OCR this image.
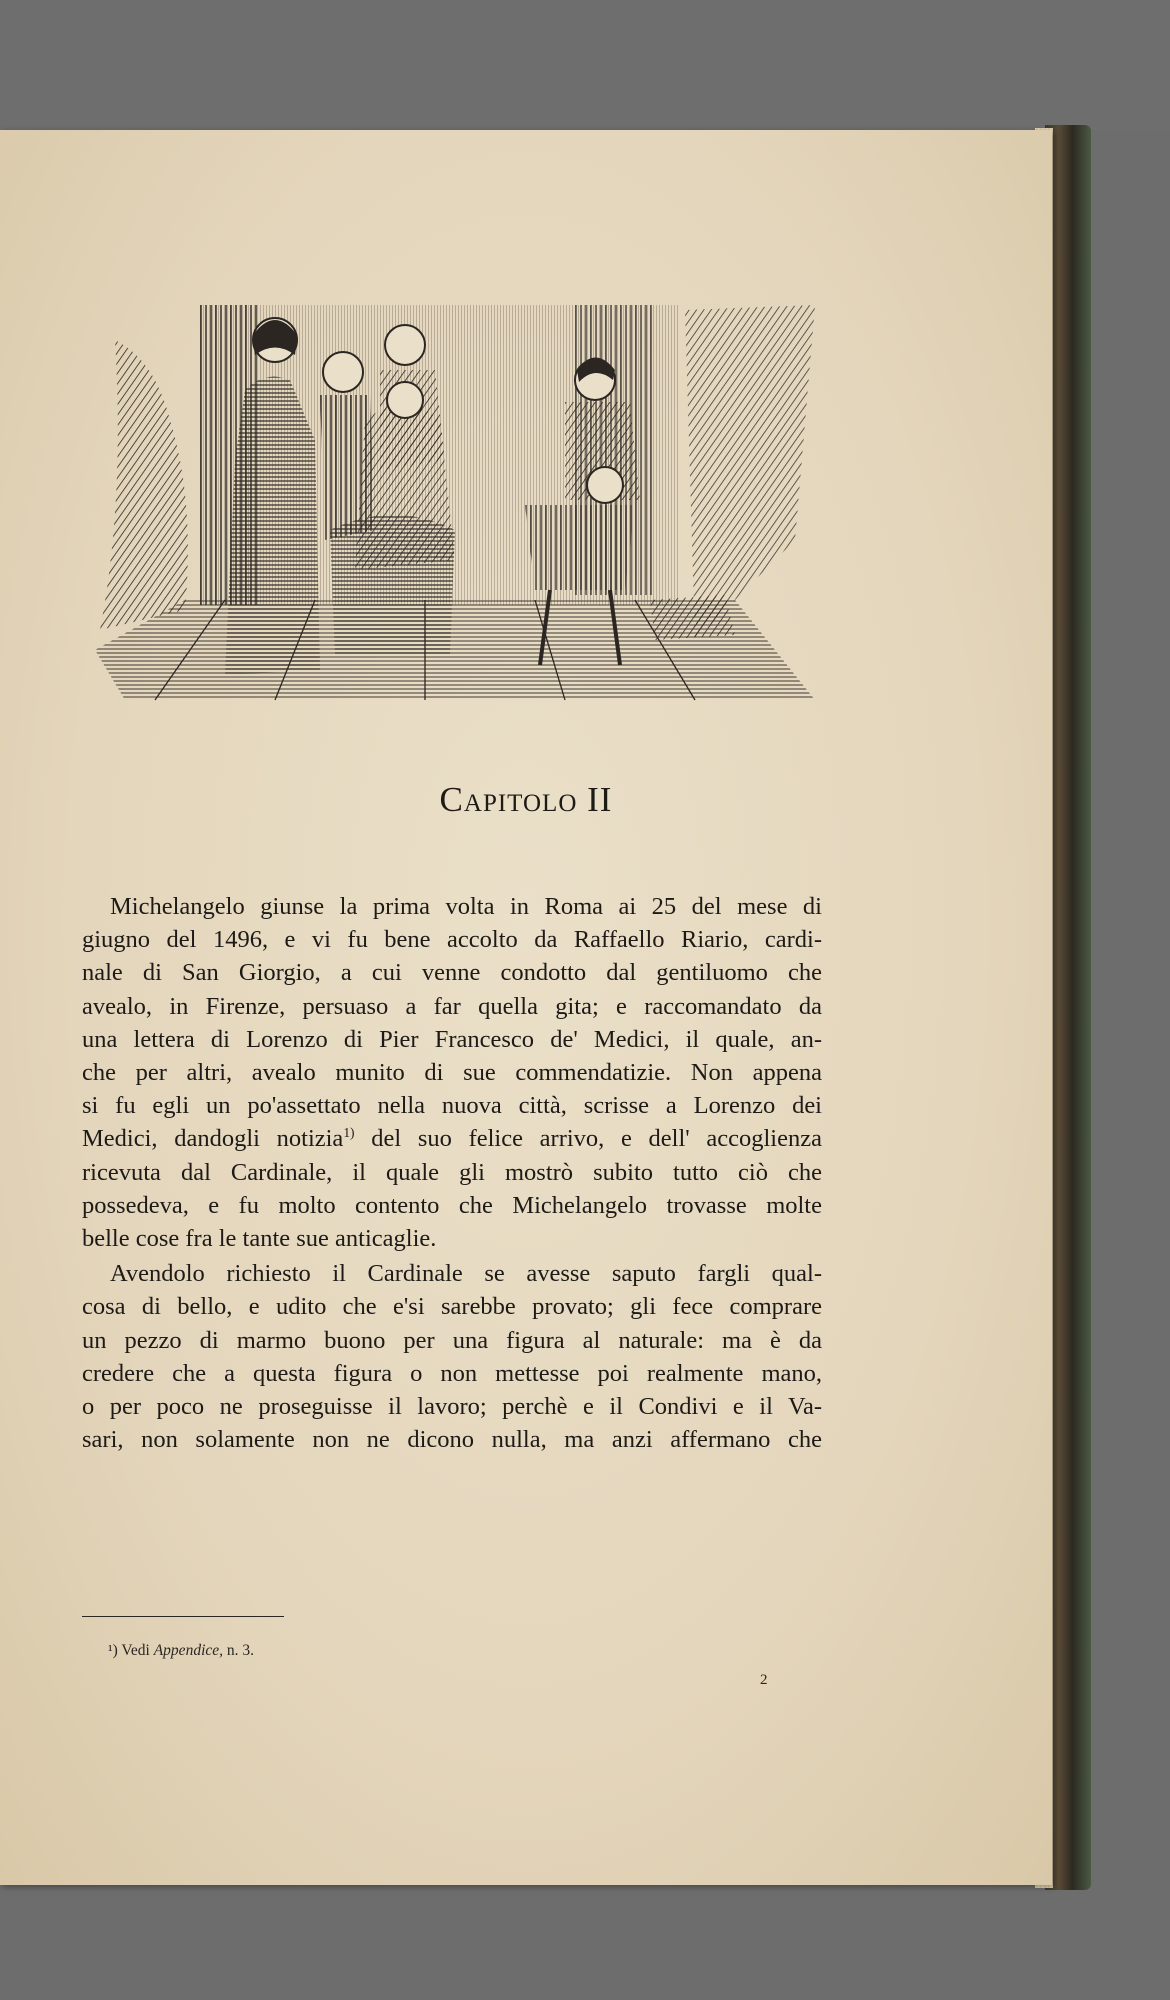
Capitolo II

Michelangelo giunse la prima volta in Roma ai 25 del mese di
giugno del 1496, e vi fu bene accolto da Raffaello Riario, cardi-
nale di San Giorgio, a cui venne condotto dal gentiluomo che
avealo, in Firenze, persuaso a far quella gita; e raccomandato da
una lettera di Lorenzo di Pier Francesco de' Medici, il quale, an-
che per altri, avealo munito di sue commendatizie. Non appena
si fu egli un po'assettato nella nuova città, scrisse a Lorenzo dei
Medici, dandogli notizia$^{1)}$ del suo felice arrivo, e dell' accoglienza
ricevuta dal Cardinale, il quale gli mostrò subito tutto ciò che
possedeva, e fu molto contento che Michelangelo trovasse molte
belle cose fra le tante sue anticaglie.

Avendolo richiesto il Cardinale se avesse saputo fargli qual-
cosa di bello, e udito che e'si sarebbe provato; gli fece comprare
un pezzo di marmo buono per una figura al naturale: ma è da
credere che a questa figura o non mettesse poi realmente mano,
o per poco ne proseguisse il lavoro; perchè e il Condivi e il Va-
sari, non solamente non ne dicono nulla, ma anzi affermano che

¹) Vedi Appendice, n. 3.
2
